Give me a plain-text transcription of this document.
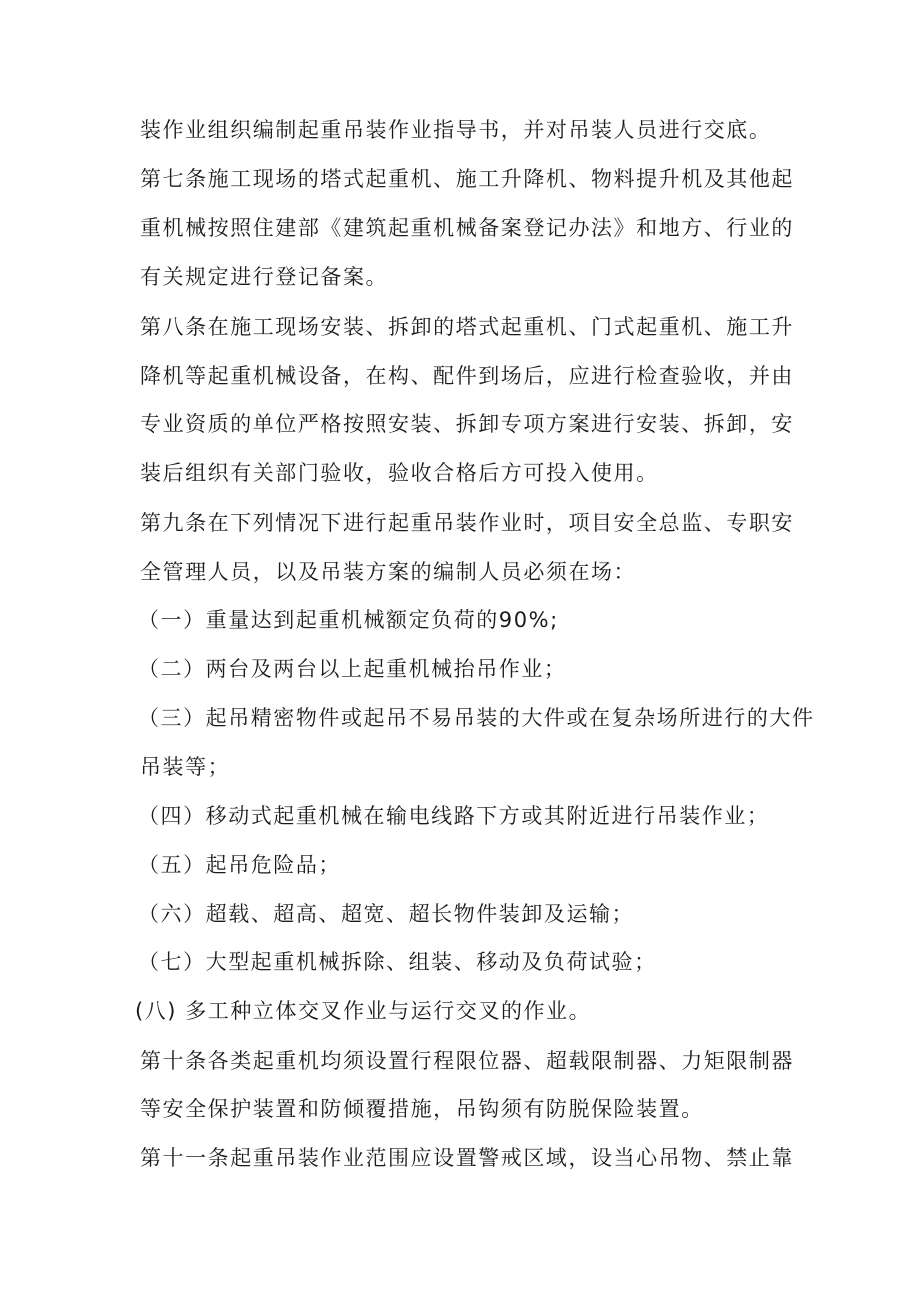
装作业组织编制起重吊装作业指导书，并对吊装人员进行交底。
第七条施工现场的塔式起重机、施工升降机、物料提升机及其他起
重机械按照住建部《建筑起重机械备案登记办法》和地方、行业的
有关规定进行登记备案。
第八条在施工现场安装、拆卸的塔式起重机、门式起重机、施工升
降机等起重机械设备，在构、配件到场后，应进行检查验收，并由
专业资质的单位严格按照安装、拆卸专项方案进行安装、拆卸，安
装后组织有关部门验收，验收合格后方可投入使用。
第九条在下列情况下进行起重吊装作业时，项目安全总监、专职安
全管理人员，以及吊装方案的编制人员必须在场：
（一）重量达到起重机械额定负荷的90%;
（二）两台及两台以上起重机械抬吊作业；
（三）起吊精密物件或起吊不易吊装的大件或在复杂场所进行的大件
吊装等；
（四）移动式起重机械在输电线路下方或其附近进行吊装作业；
（五）起吊危险品；
（六）超载、超高、超宽、超长物件装卸及运输；
（七）大型起重机械拆除、组装、移动及负荷试验；
(八) 多工种立体交叉作业与运行交叉的作业。
第十条各类起重机均须设置行程限位器、超载限制器、力矩限制器
等安全保护装置和防倾覆措施，吊钩须有防脱保险装置。
第十一条起重吊装作业范围应设置警戒区域，设当心吊物、禁止靠
